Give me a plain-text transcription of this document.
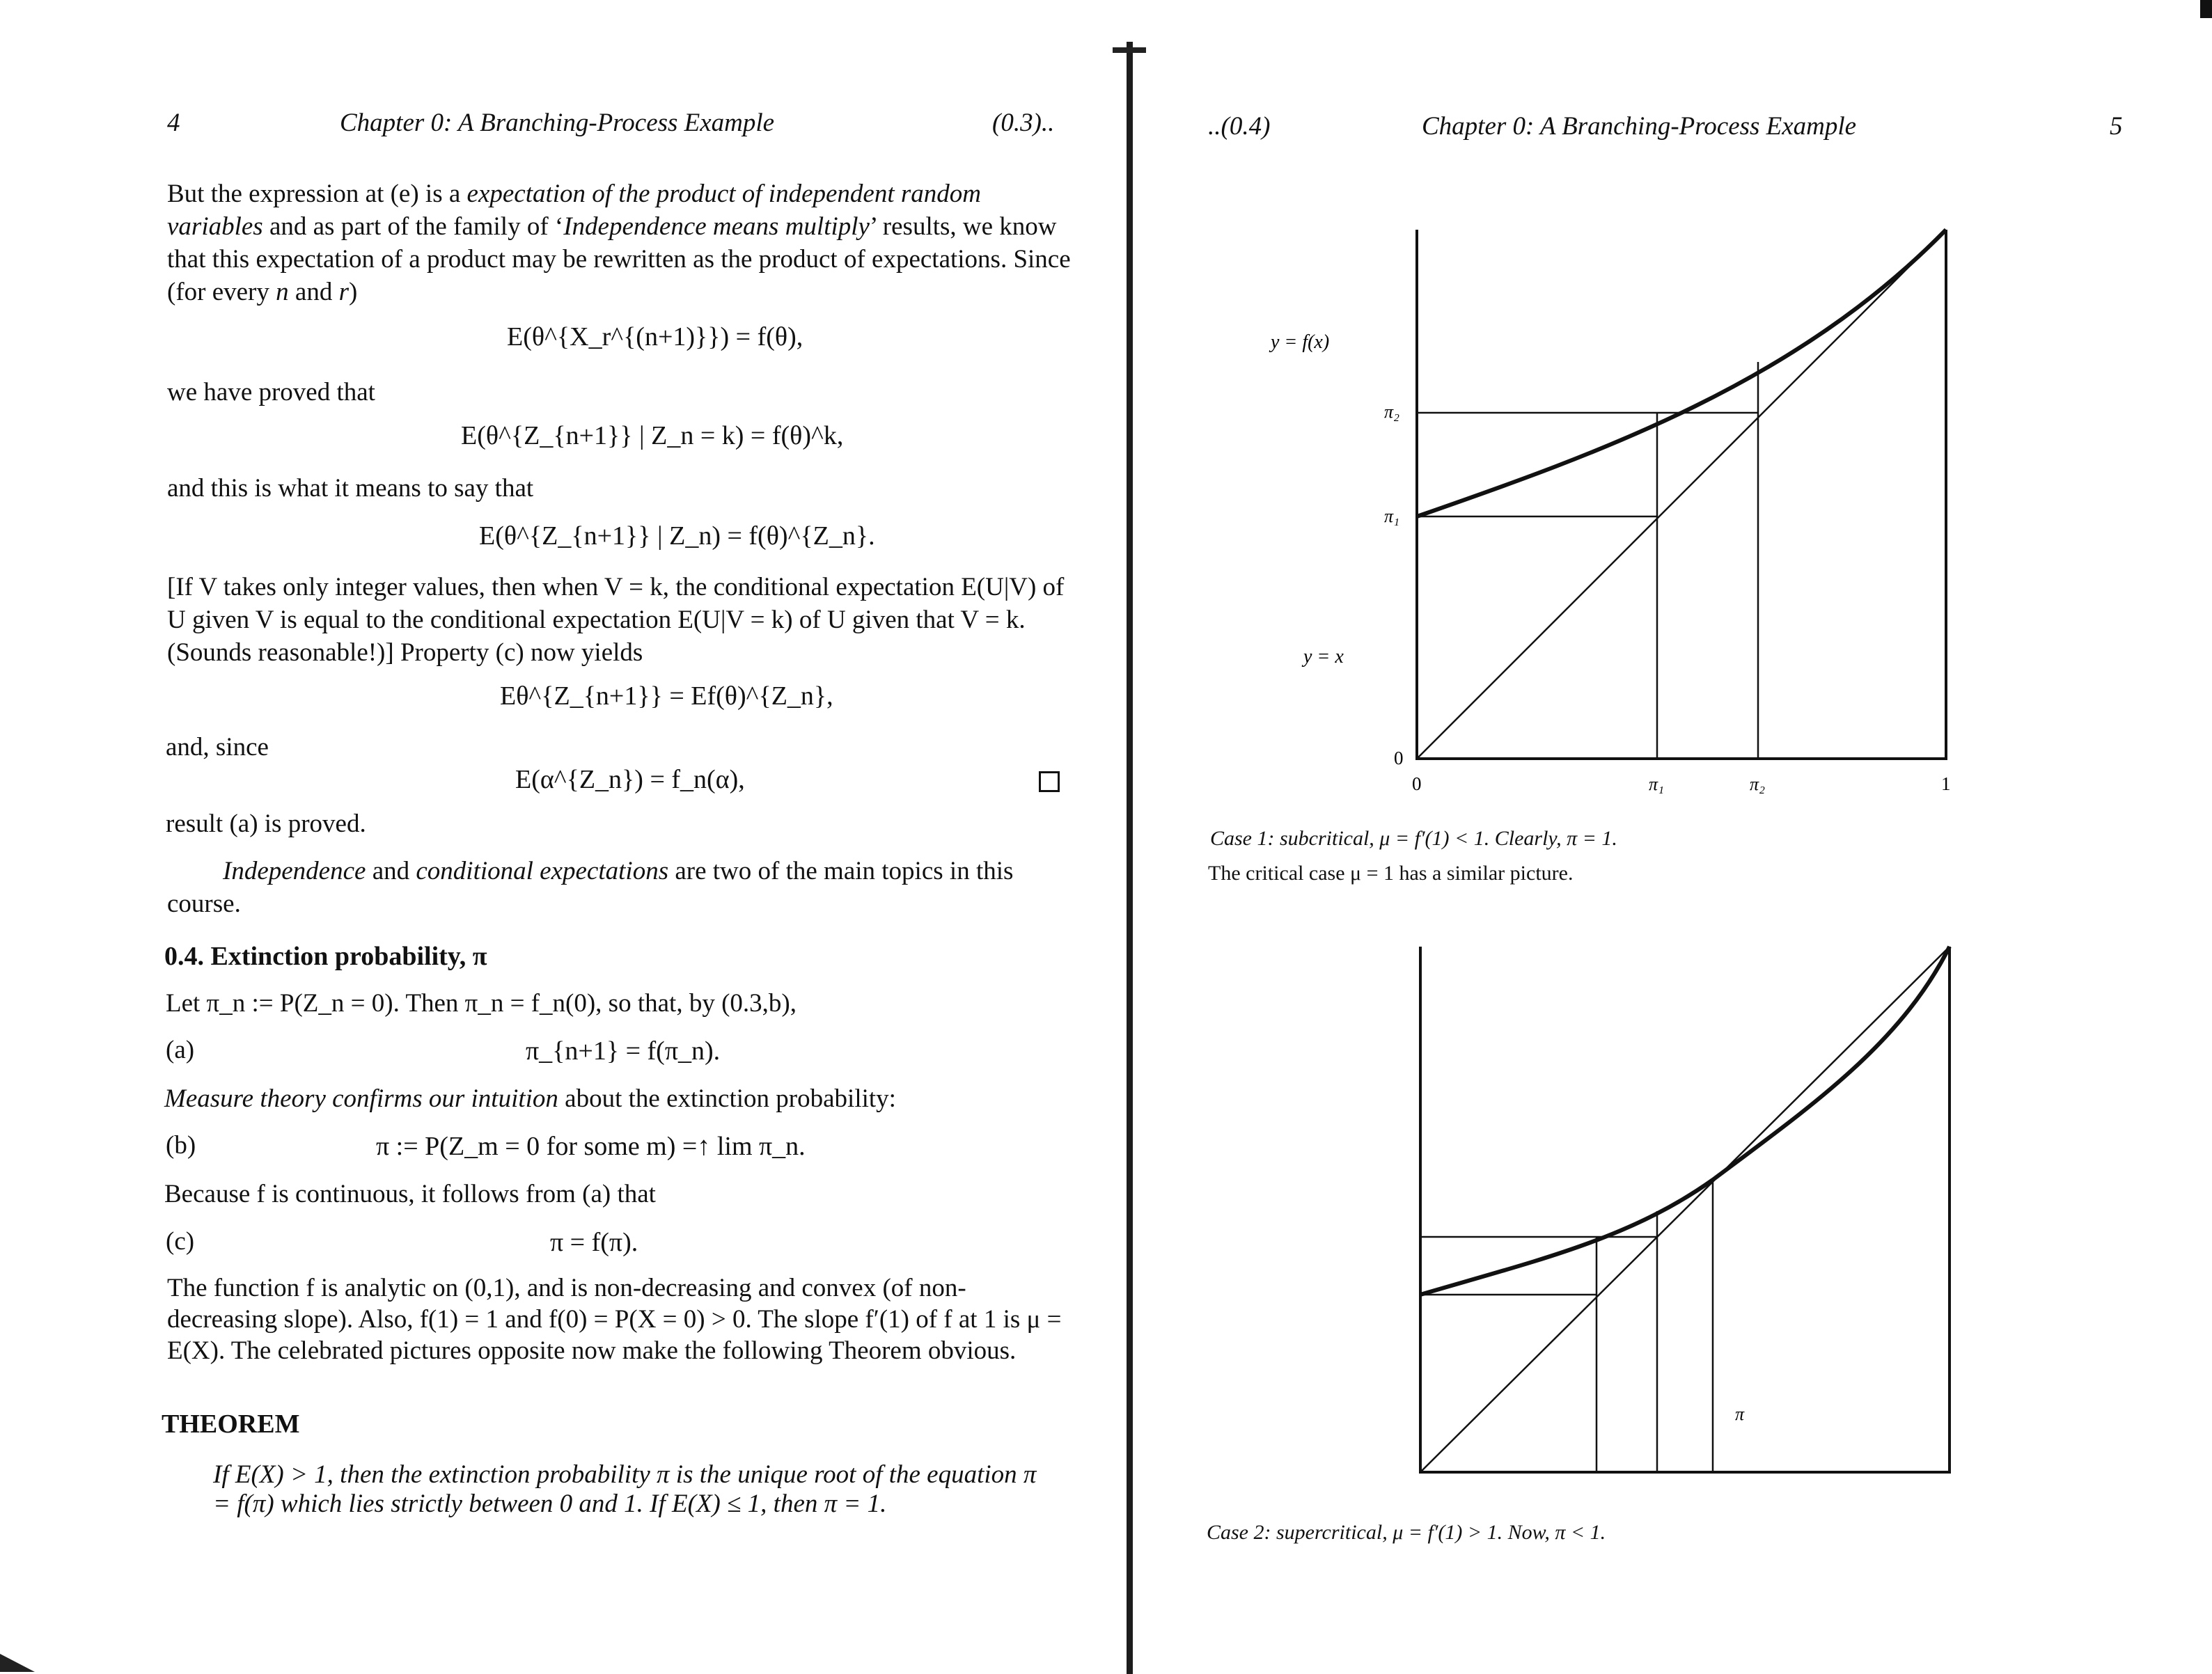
4	Chapter 0: A Branching-Process Example	(0.3)..
But the expression at (e) is a expectation of the product of independent random variables and as part of the family of ‘Independence means multiply’ results, we know that this expectation of a product may be rewritten as the product of expectations. Since (for every n and r)
E(θ^{X_r^{(n+1)}}) = f(θ),
we have proved that
E(θ^{Z_{n+1}} | Z_n = k) = f(θ)^k,
and this is what it means to say that
E(θ^{Z_{n+1}} | Z_n) = f(θ)^{Z_n}.
[If V takes only integer values, then when V = k, the conditional expectation E(U|V) of U given V is equal to the conditional expectation E(U|V = k) of U given that V = k. (Sounds reasonable!)] Property (c) now yields
Eθ^{Z_{n+1}} = Ef(θ)^{Z_n},
and, since
E(α^{Z_n}) = f_n(α),
result (a) is proved.
Independence and conditional expectations are two of the main topics in this course.
0.4. Extinction probability, π
Let π_n := P(Z_n = 0). Then π_n = f_n(0), so that, by (0.3,b),
(a)	π_{n+1} = f(π_n).
Measure theory confirms our intuition about the extinction probability:
(b)	π := P(Z_m = 0 for some m) =↑ lim π_n.
Because f is continuous, it follows from (a) that
(c)	π = f(π).
The function f is analytic on (0,1), and is non-decreasing and convex (of non-decreasing slope). Also, f(1) = 1 and f(0) = P(X = 0) > 0. The slope f′(1) of f at 1 is μ = E(X). The celebrated pictures opposite now make the following Theorem obvious.
THEOREM
If E(X) > 1, then the extinction probability π is the unique root of the equation π = f(π) which lies strictly between 0 and 1. If E(X) ≤ 1, then π = 1.
..(0.4)	Chapter 0: A Branching-Process Example	5
y = f(x)
y = x
π₂
π₁
0
0	π₁	π₂	1
Case 1: subcritical, μ = f′(1) < 1. Clearly, π = 1.
The critical case μ = 1 has a similar picture.
π
Case 2: supercritical, μ = f′(1) > 1. Now, π < 1.
